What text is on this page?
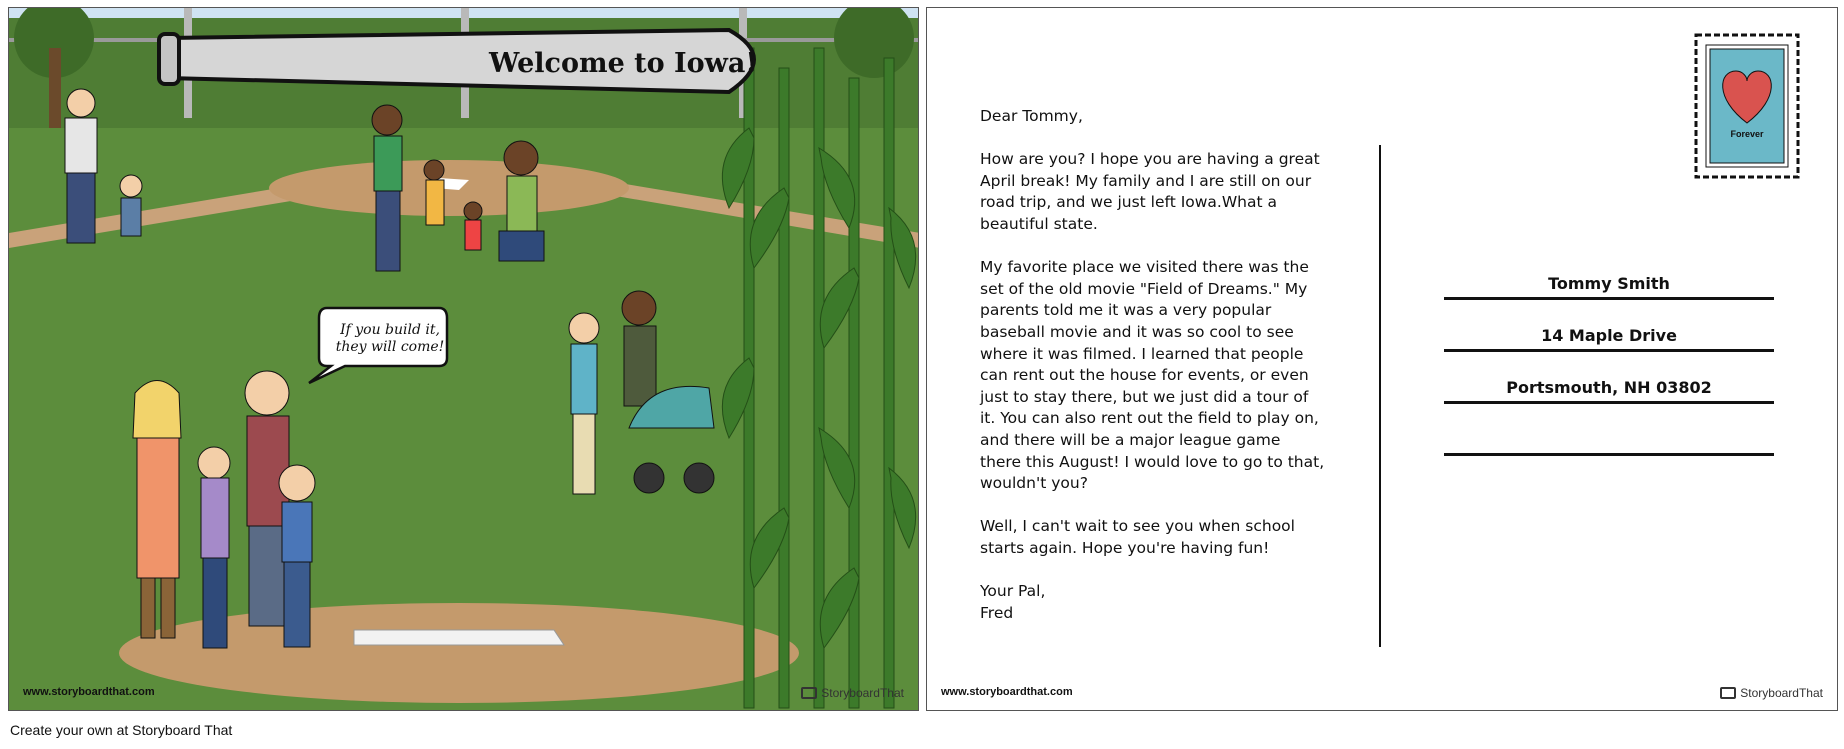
Welcome to Iowa!
If you build it, they will come!
www.storyboardthat.com	StoryboardThat

Dear Tommy,

How are you? I hope you are having a great April break! My family and I are still on our road trip, and we just left Iowa.What a beautiful state.

My favorite place we visited there was the set of the old movie "Field of Dreams." My parents told me it was a very popular baseball movie and it was so cool to see where it was filmed. I learned that people can rent out the house for events, or even just to stay there, but we just did a tour of it. You can also rent out the field to play on, and there will be a major league game there this August! I would love to go to that, wouldn't you?

Well, I can't wait to see you when school starts again. Hope you're having fun!

Your Pal,
Fred
Forever
Tommy Smith
14 Maple Drive
Portsmouth, NH 03802
www.storyboardthat.com	StoryboardThat
Create your own at Storyboard That
